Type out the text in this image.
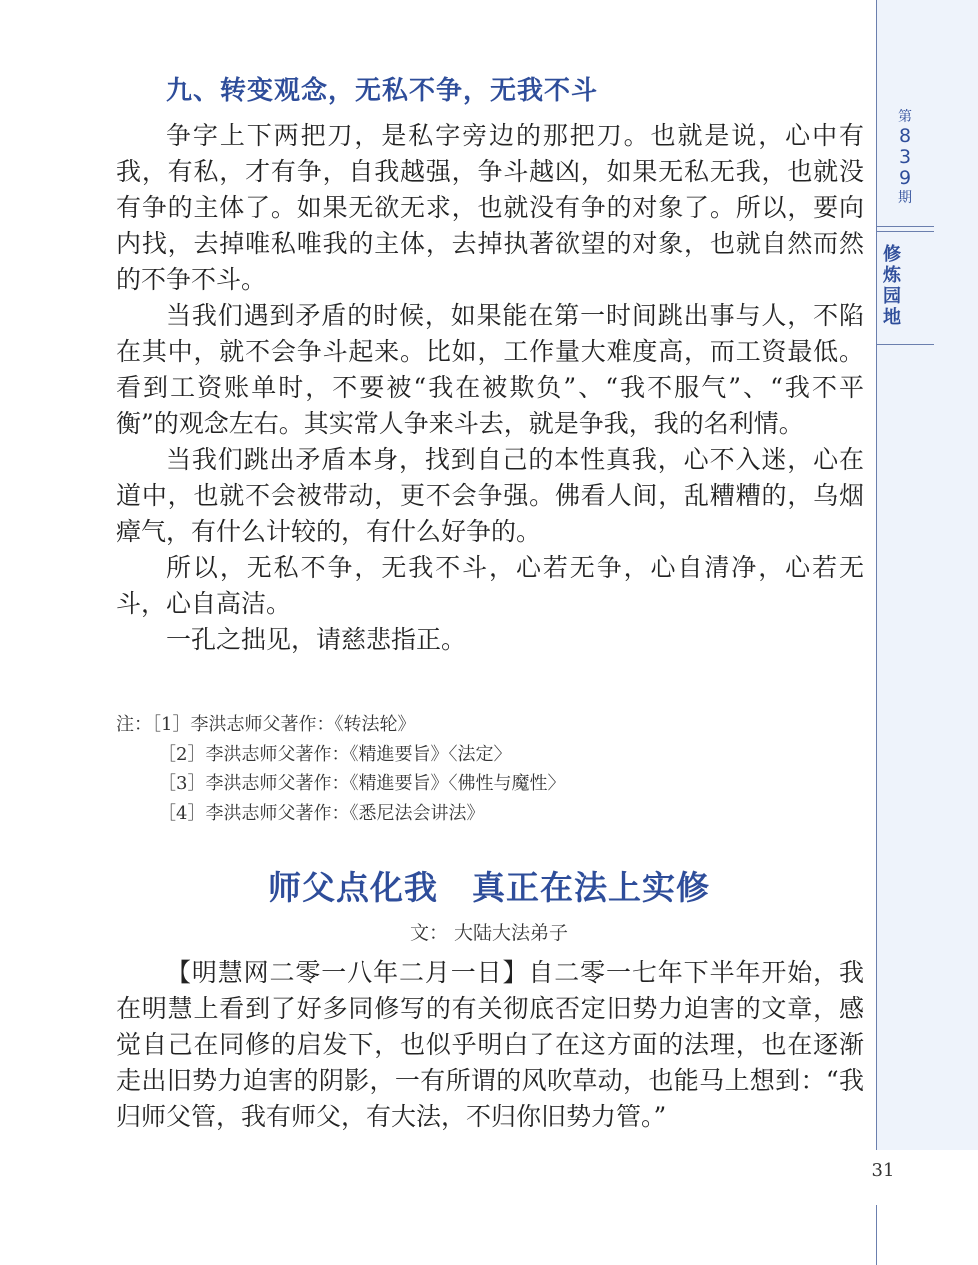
第
8
3
9
期
修
炼
园
地
九、转变观念，无私不争，无我不斗

争字上下两把刀，是私字旁边的那把刀。也就是说，心中有我，有私，才有争，自我越强，争斗越凶，如果无私无我，也就没有争的主体了。如果无欲无求，也就没有争的对象了。所以，要向内找，去掉唯私唯我的主体，去掉执著欲望的对象，也就自然而然的不争不斗。

当我们遇到矛盾的时候，如果能在第一时间跳出事与人，不陷在其中，就不会争斗起来。比如，工作量大难度高，而工资最低。看到工资账单时，不要被“我在被欺负”、“我不服气”、“我不平衡”的观念左右。其实常人争来斗去，就是争我，我的名利情。

当我们跳出矛盾本身，找到自己的本性真我，心不入迷，心在道中，也就不会被带动，更不会争强。佛看人间，乱糟糟的，乌烟瘴气，有什么计较的，有什么好争的。

所以，无私不争，无我不斗，心若无争，心自清净，心若无斗，心自高洁。

一孔之拙见，请慈悲指正。

注：［1］李洪志师父著作：《转法轮》
［2］李洪志师父著作：《精進要旨》〈法定〉
［3］李洪志师父著作：《精進要旨》〈佛性与魔性〉
［4］李洪志师父著作：《悉尼法会讲法》
师父点化我　真正在法上实修
文： 大陆大法弟子

【明慧网二零一八年二月一日】自二零一七年下半年开始，我在明慧上看到了好多同修写的有关彻底否定旧势力迫害的文章，感觉自己在同修的启发下，也似乎明白了在这方面的法理，也在逐渐走出旧势力迫害的阴影，一有所谓的风吹草动，也能马上想到：“我归师父管，我有师父，有大法，不归你旧势力管。”

31
